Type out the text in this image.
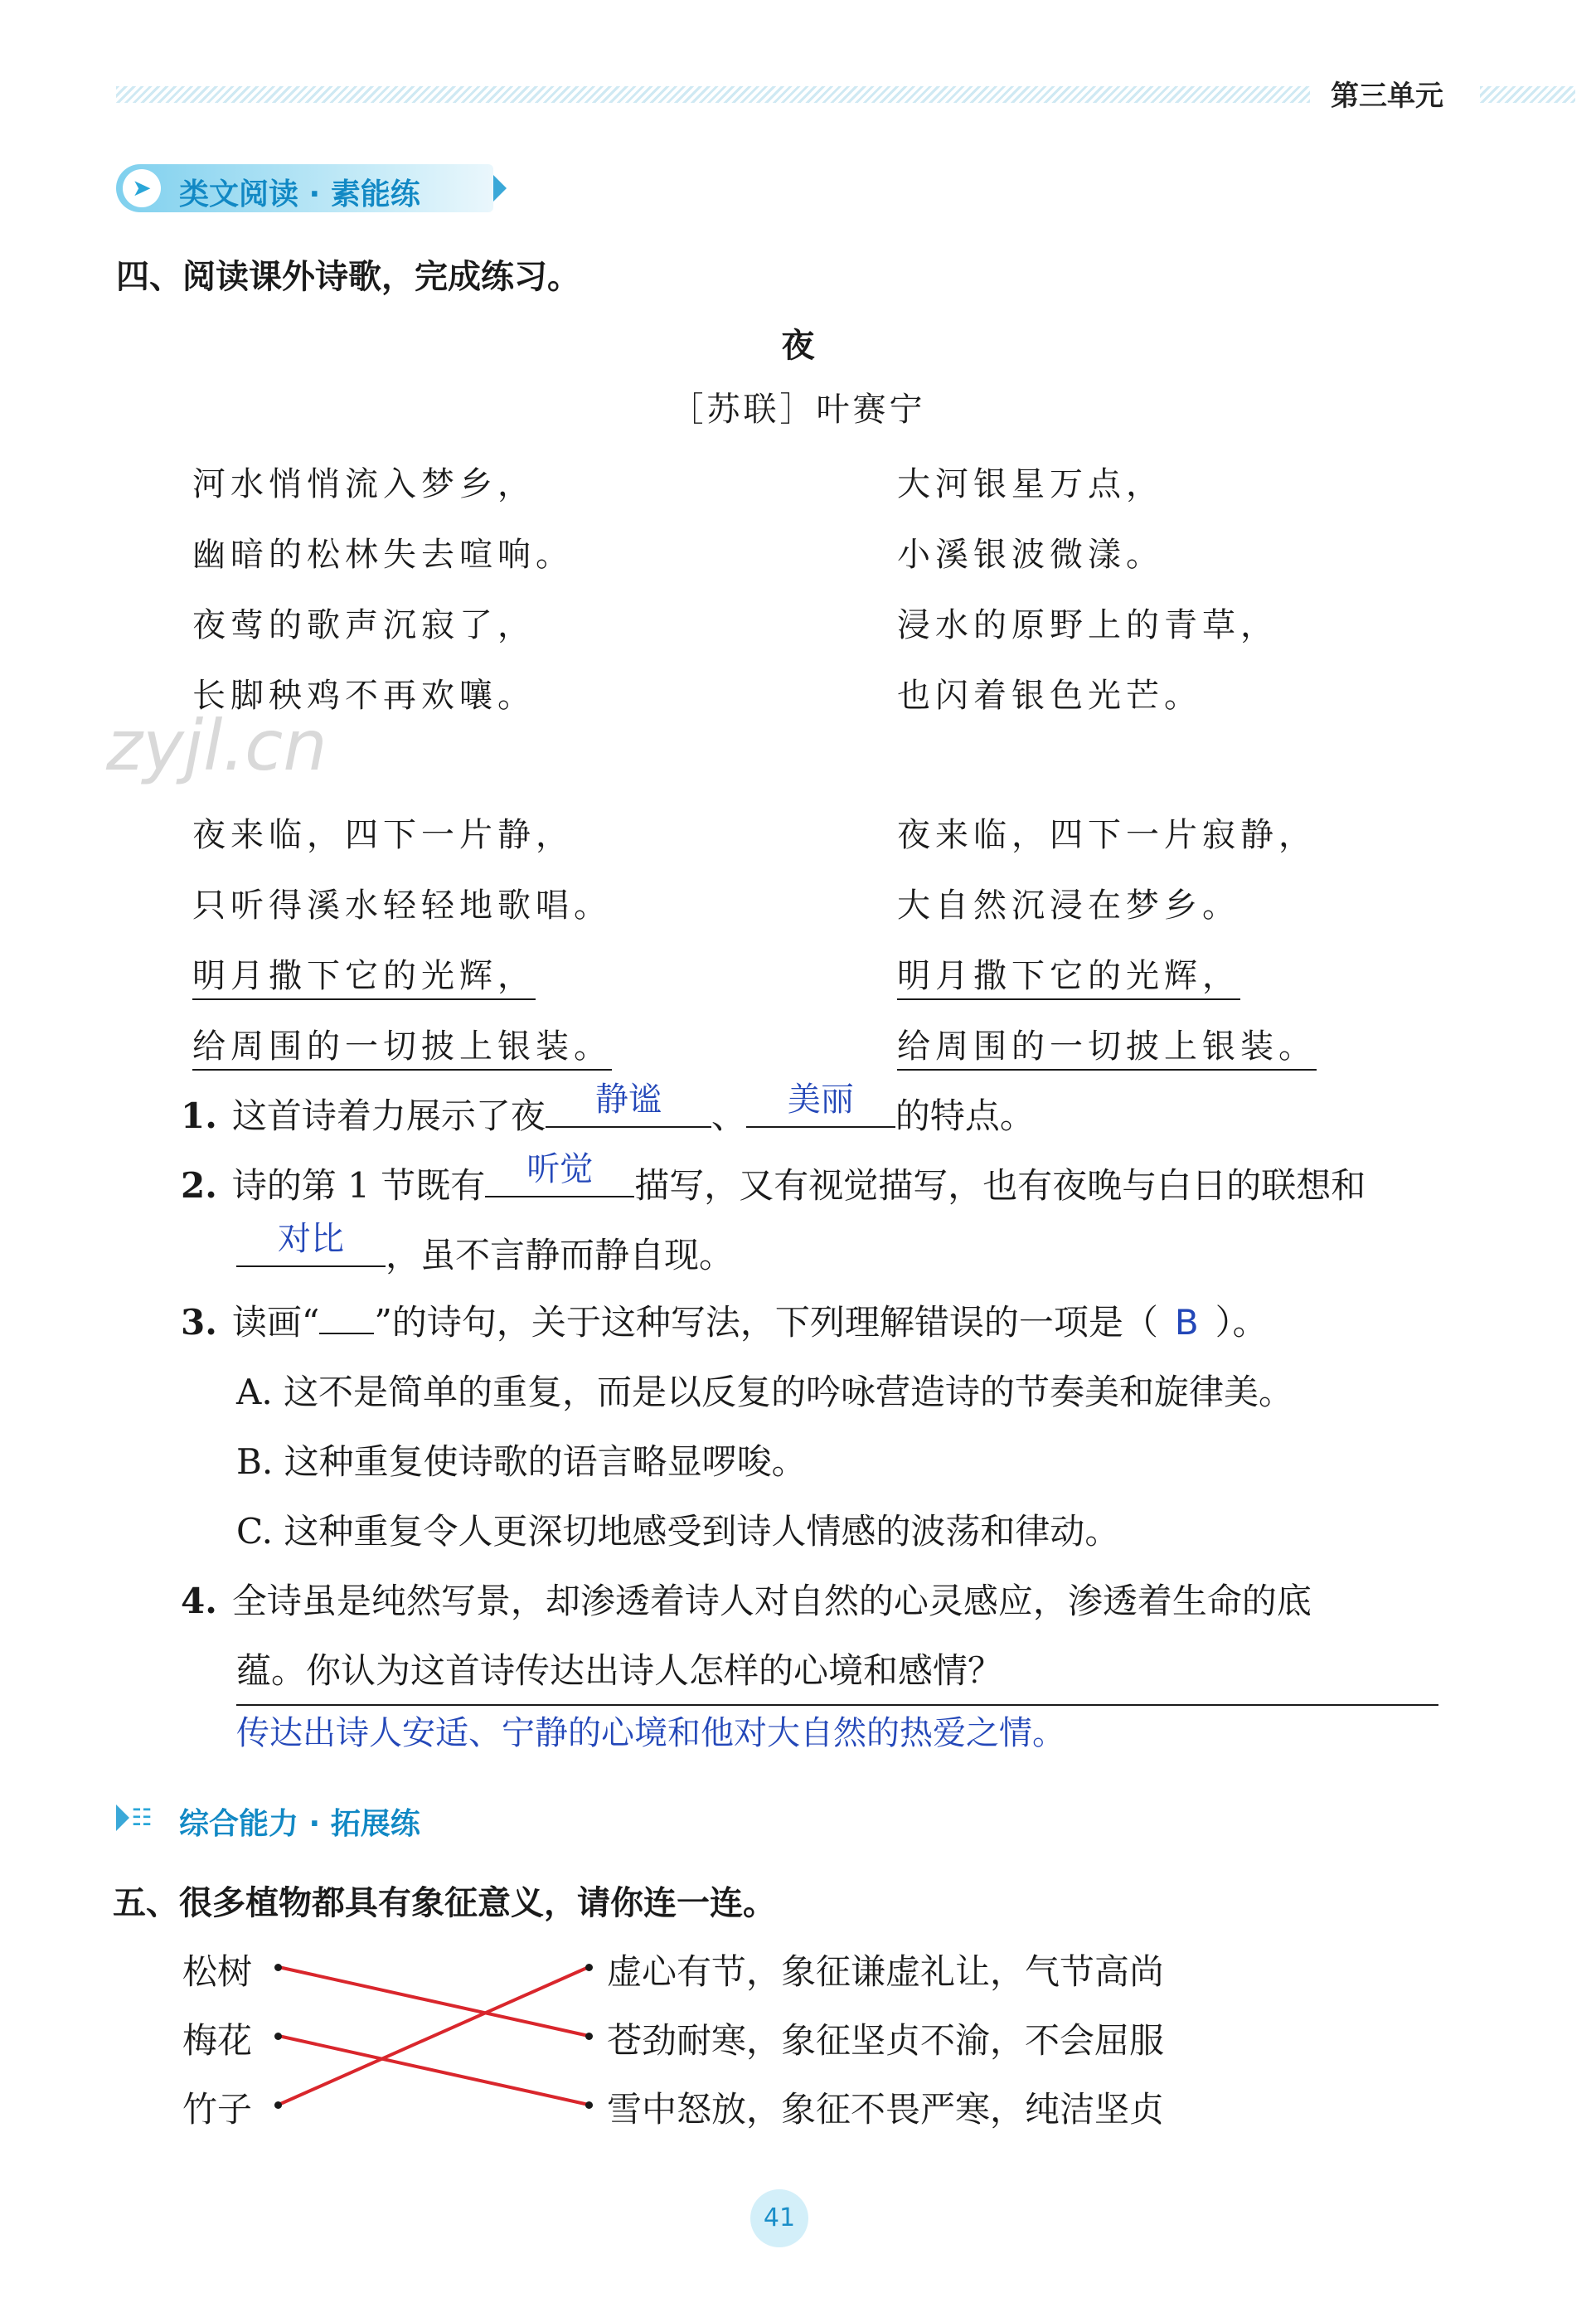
第三单元
➤ 类文阅读 · 素能练
四、阅读课外诗歌，完成练习。
夜
［苏联］叶赛宁
河水悄悄流入梦乡，
幽暗的松林失去喧响。
夜莺的歌声沉寂了，
长脚秧鸡不再欢嚷。
大河银星万点，
小溪银波微漾。
浸水的原野上的青草，
也闪着银色光芒。
夜来临，四下一片静，
只听得溪水轻轻地歌唱。
明月撒下它的光辉，
给周围的一切披上银装。
夜来临，四下一片寂静，
大自然沉浸在梦乡。
明月撒下它的光辉，
给周围的一切披上银装。
zyjl.cn
1. 这首诗着力展示了夜	静谧	、	美丽	的特点。
2. 诗的第 1 节既有	听觉	描写，又有视觉描写，也有夜晚与白日的联想和
对比	，虽不言静而静自现。
3. 读画“ ”的诗句，关于这种写法，下列理解错误的一项是（ B ）。
A. 这不是简单的重复，而是以反复的吟咏营造诗的节奏美和旋律美。
B. 这种重复使诗歌的语言略显啰唆。
C. 这种重复令人更深切地感受到诗人情感的波荡和律动。
4. 全诗虽是纯然写景，却渗透着诗人对自然的心灵感应，渗透着生命的底
蕴。你认为这首诗传达出诗人怎样的心境和感情？
传达出诗人安适、宁静的心境和他对大自然的热爱之情。
☷ 综合能力 · 拓展练
五、很多植物都具有象征意义，请你连一连。
松树
梅花
竹子
虚心有节，象征谦虚礼让，气节高尚
苍劲耐寒，象征坚贞不渝，不会屈服
雪中怒放，象征不畏严寒，纯洁坚贞
41
